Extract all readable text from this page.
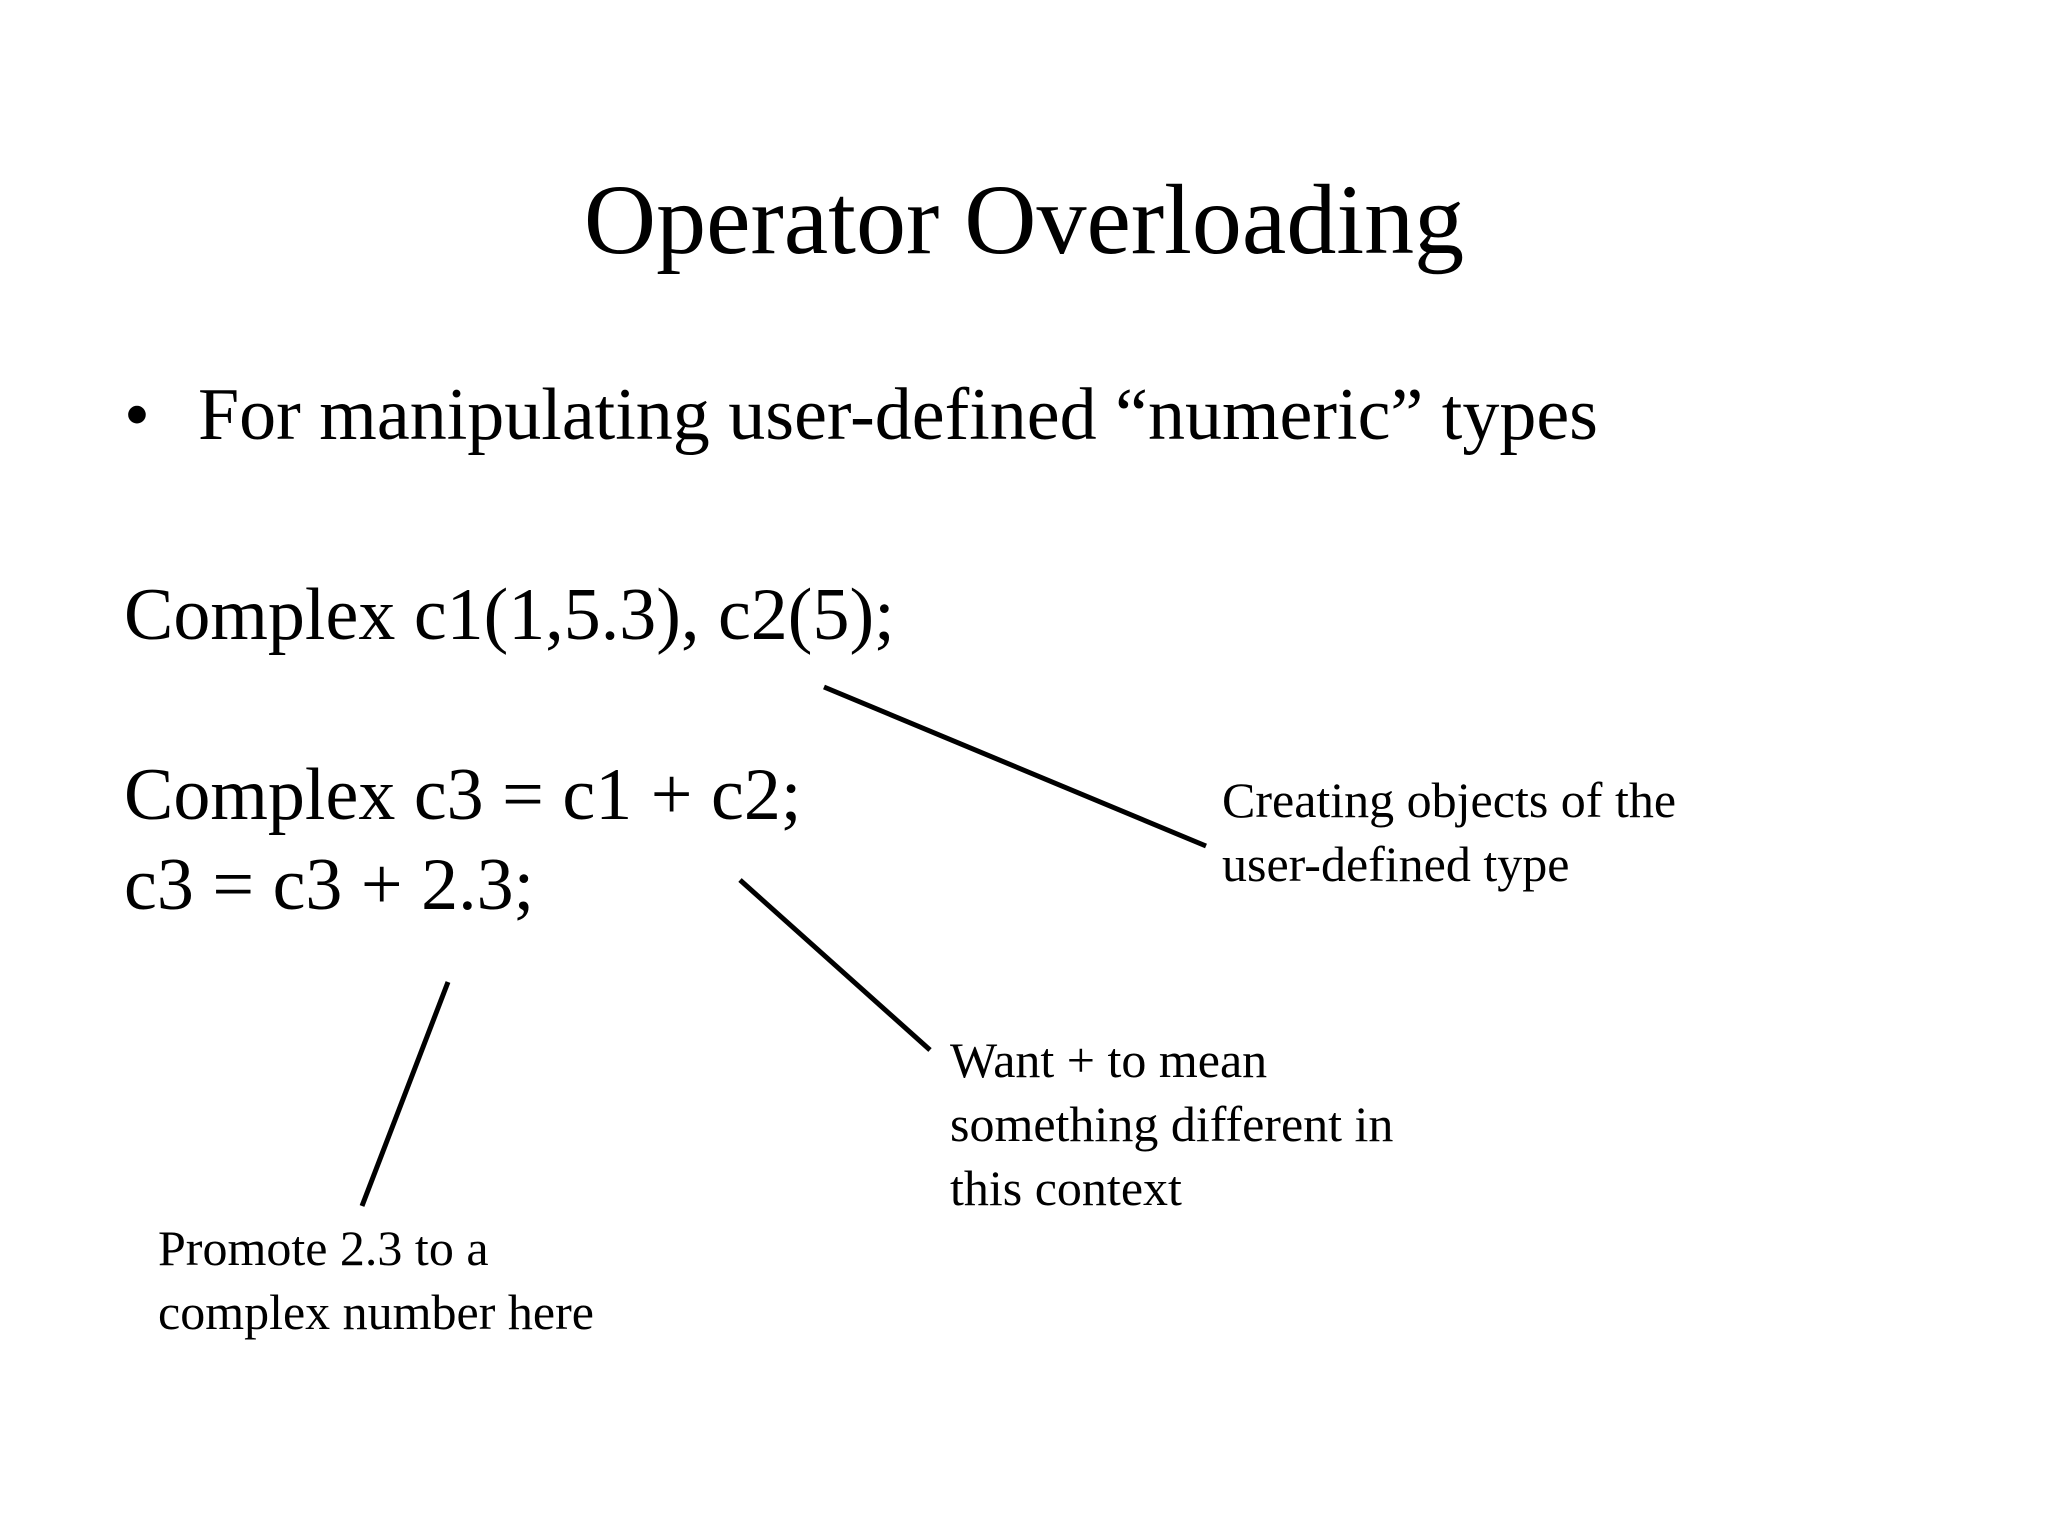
Operator Overloading
• For manipulating user-defined “numeric” types
Complex c1(1,5.3), c2(5);
Complex c3 = c1 + c2;
c3 = c3 + 2.3;
Creating objects of the
user-defined type
Want + to mean
something different in
this context
Promote 2.3 to a
complex number here
